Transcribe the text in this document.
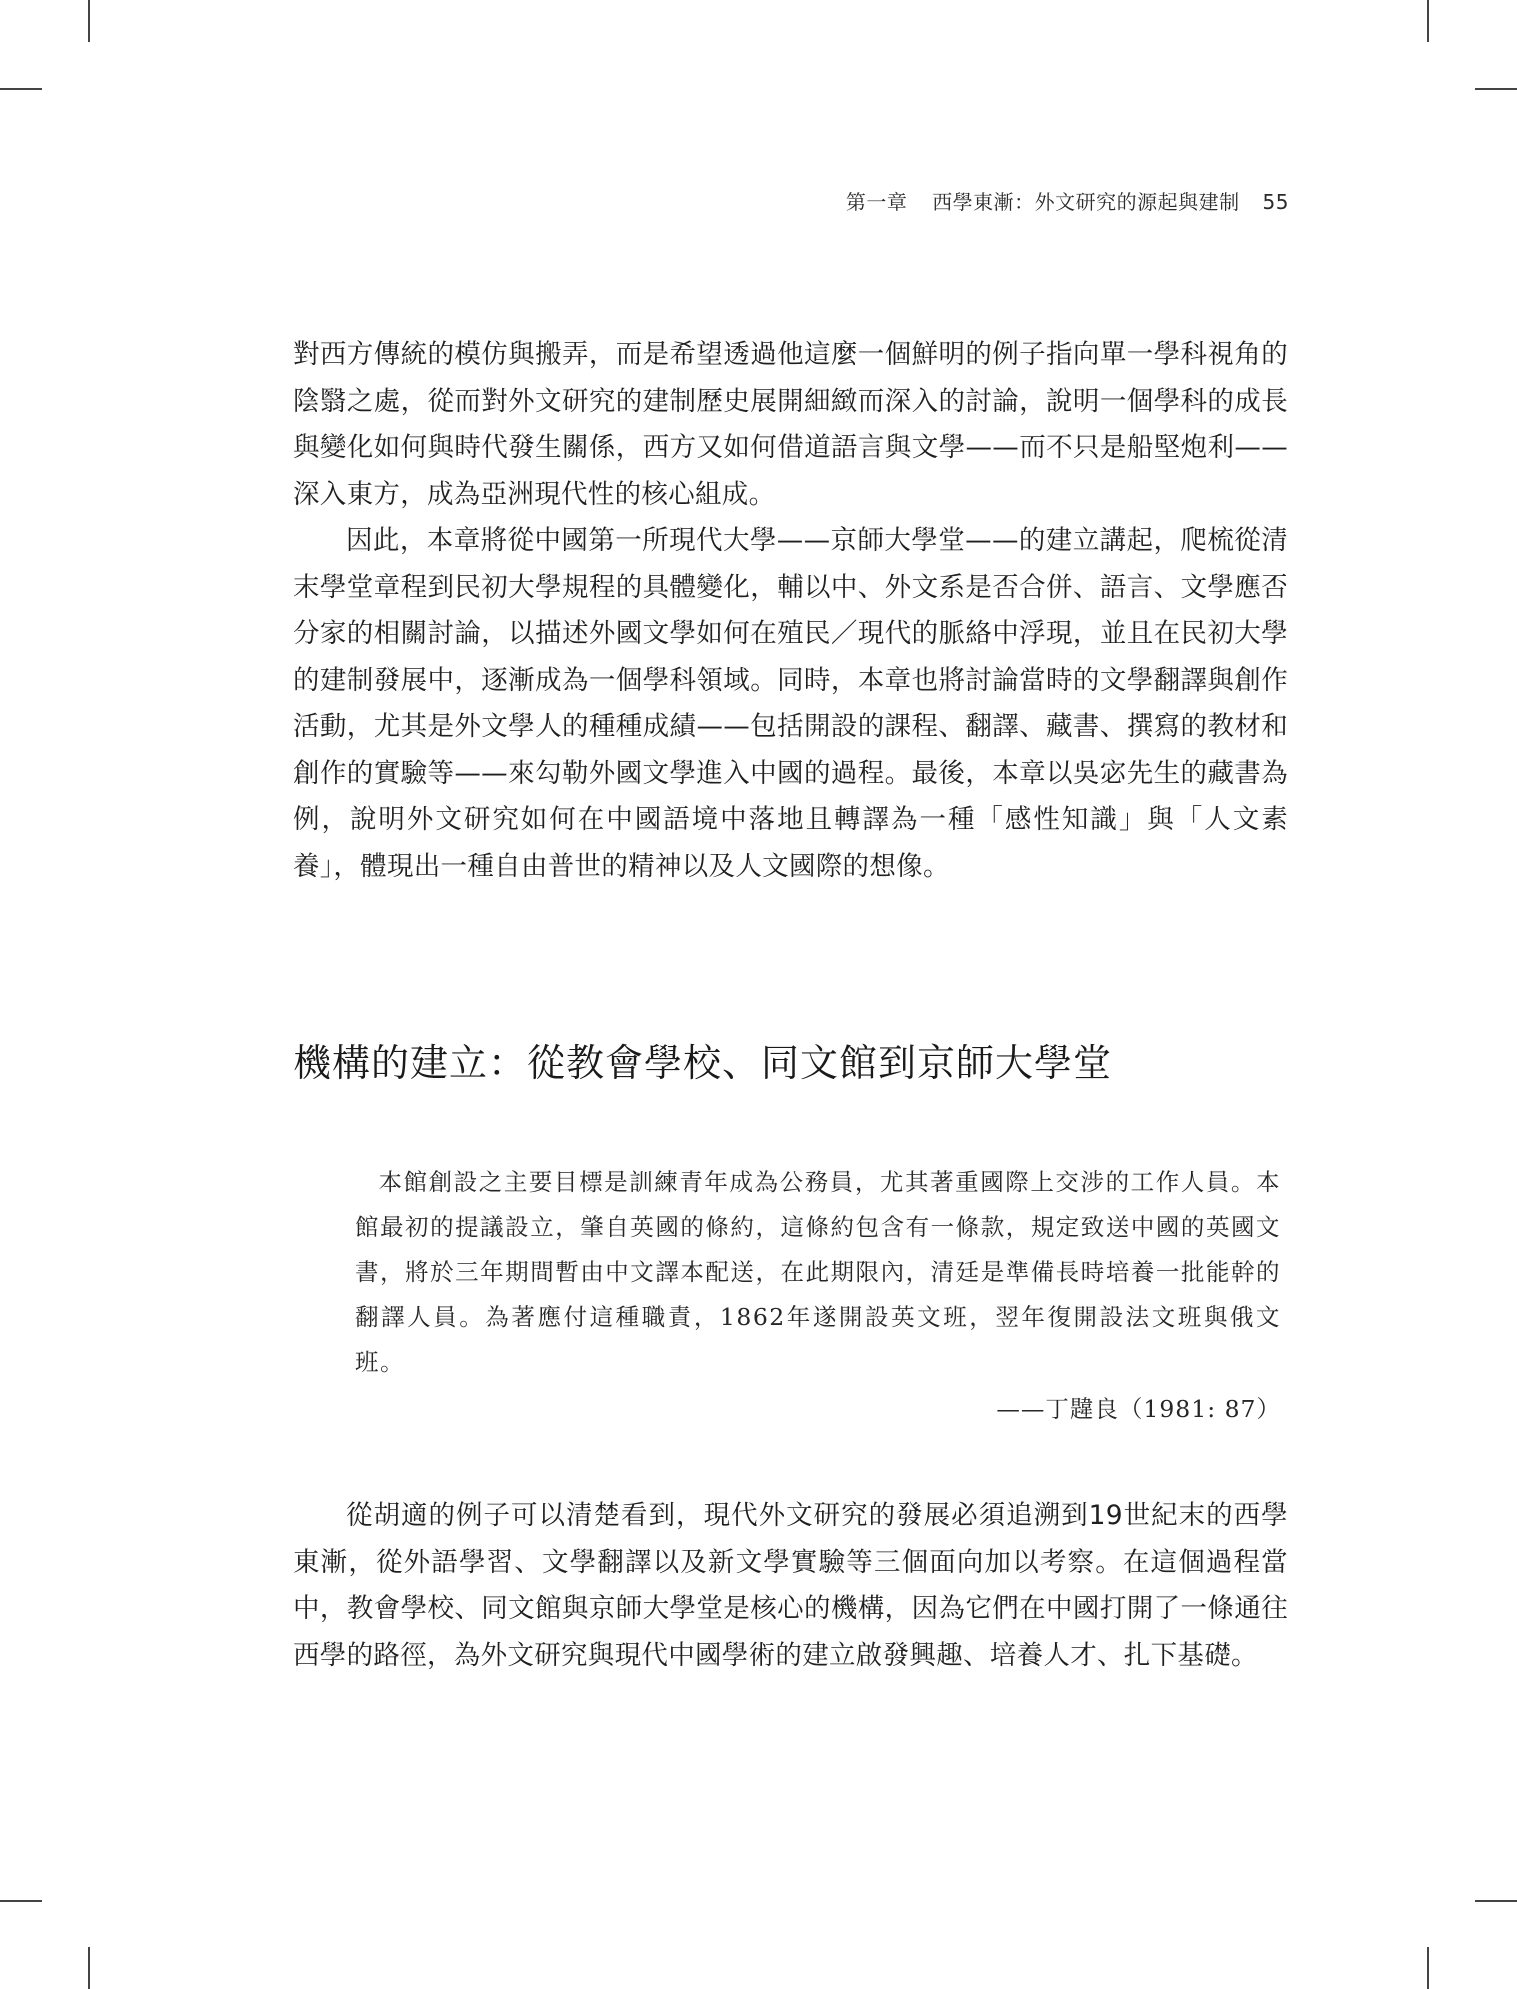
第一章 西學東漸：外文研究的源起與建制 55

對西方傳統的模仿與搬弄，而是希望透過他這麼一個鮮明的例子指向單一學科視角的陰翳之處，從而對外文研究的建制歷史展開細緻而深入的討論，說明一個學科的成長與變化如何與時代發生關係，西方又如何借道語言與文學——而不只是船堅炮利——深入東方，成為亞洲現代性的核心組成。

因此，本章將從中國第一所現代大學——京師大學堂——的建立講起，爬梳從清末學堂章程到民初大學規程的具體變化，輔以中、外文系是否合併、語言、文學應否分家的相關討論，以描述外國文學如何在殖民／現代的脈絡中浮現，並且在民初大學的建制發展中，逐漸成為一個學科領域。同時，本章也將討論當時的文學翻譯與創作活動，尤其是外文學人的種種成績——包括開設的課程、翻譯、藏書、撰寫的教材和創作的實驗等——來勾勒外國文學進入中國的過程。最後，本章以吳宓先生的藏書為例，說明外文研究如何在中國語境中落地且轉譯為一種「感性知識」與「人文素養」，體現出一種自由普世的精神以及人文國際的想像。

機構的建立：從教會學校、同文館到京師大學堂

本館創設之主要目標是訓練青年成為公務員，尤其著重國際上交涉的工作人員。本館最初的提議設立，肇自英國的條約，這條約包含有一條款，規定致送中國的英國文書，將於三年期間暫由中文譯本配送，在此期限內，清廷是準備長時培養一批能幹的翻譯人員。為著應付這種職責，1862年遂開設英文班，翌年復開設法文班與俄文班。

——丁韙良（1981: 87）

從胡適的例子可以清楚看到，現代外文研究的發展必須追溯到19世紀末的西學東漸，從外語學習、文學翻譯以及新文學實驗等三個面向加以考察。在這個過程當中，教會學校、同文館與京師大學堂是核心的機構，因為它們在中國打開了一條通往西學的路徑，為外文研究與現代中國學術的建立啟發興趣、培養人才、扎下基礎。
